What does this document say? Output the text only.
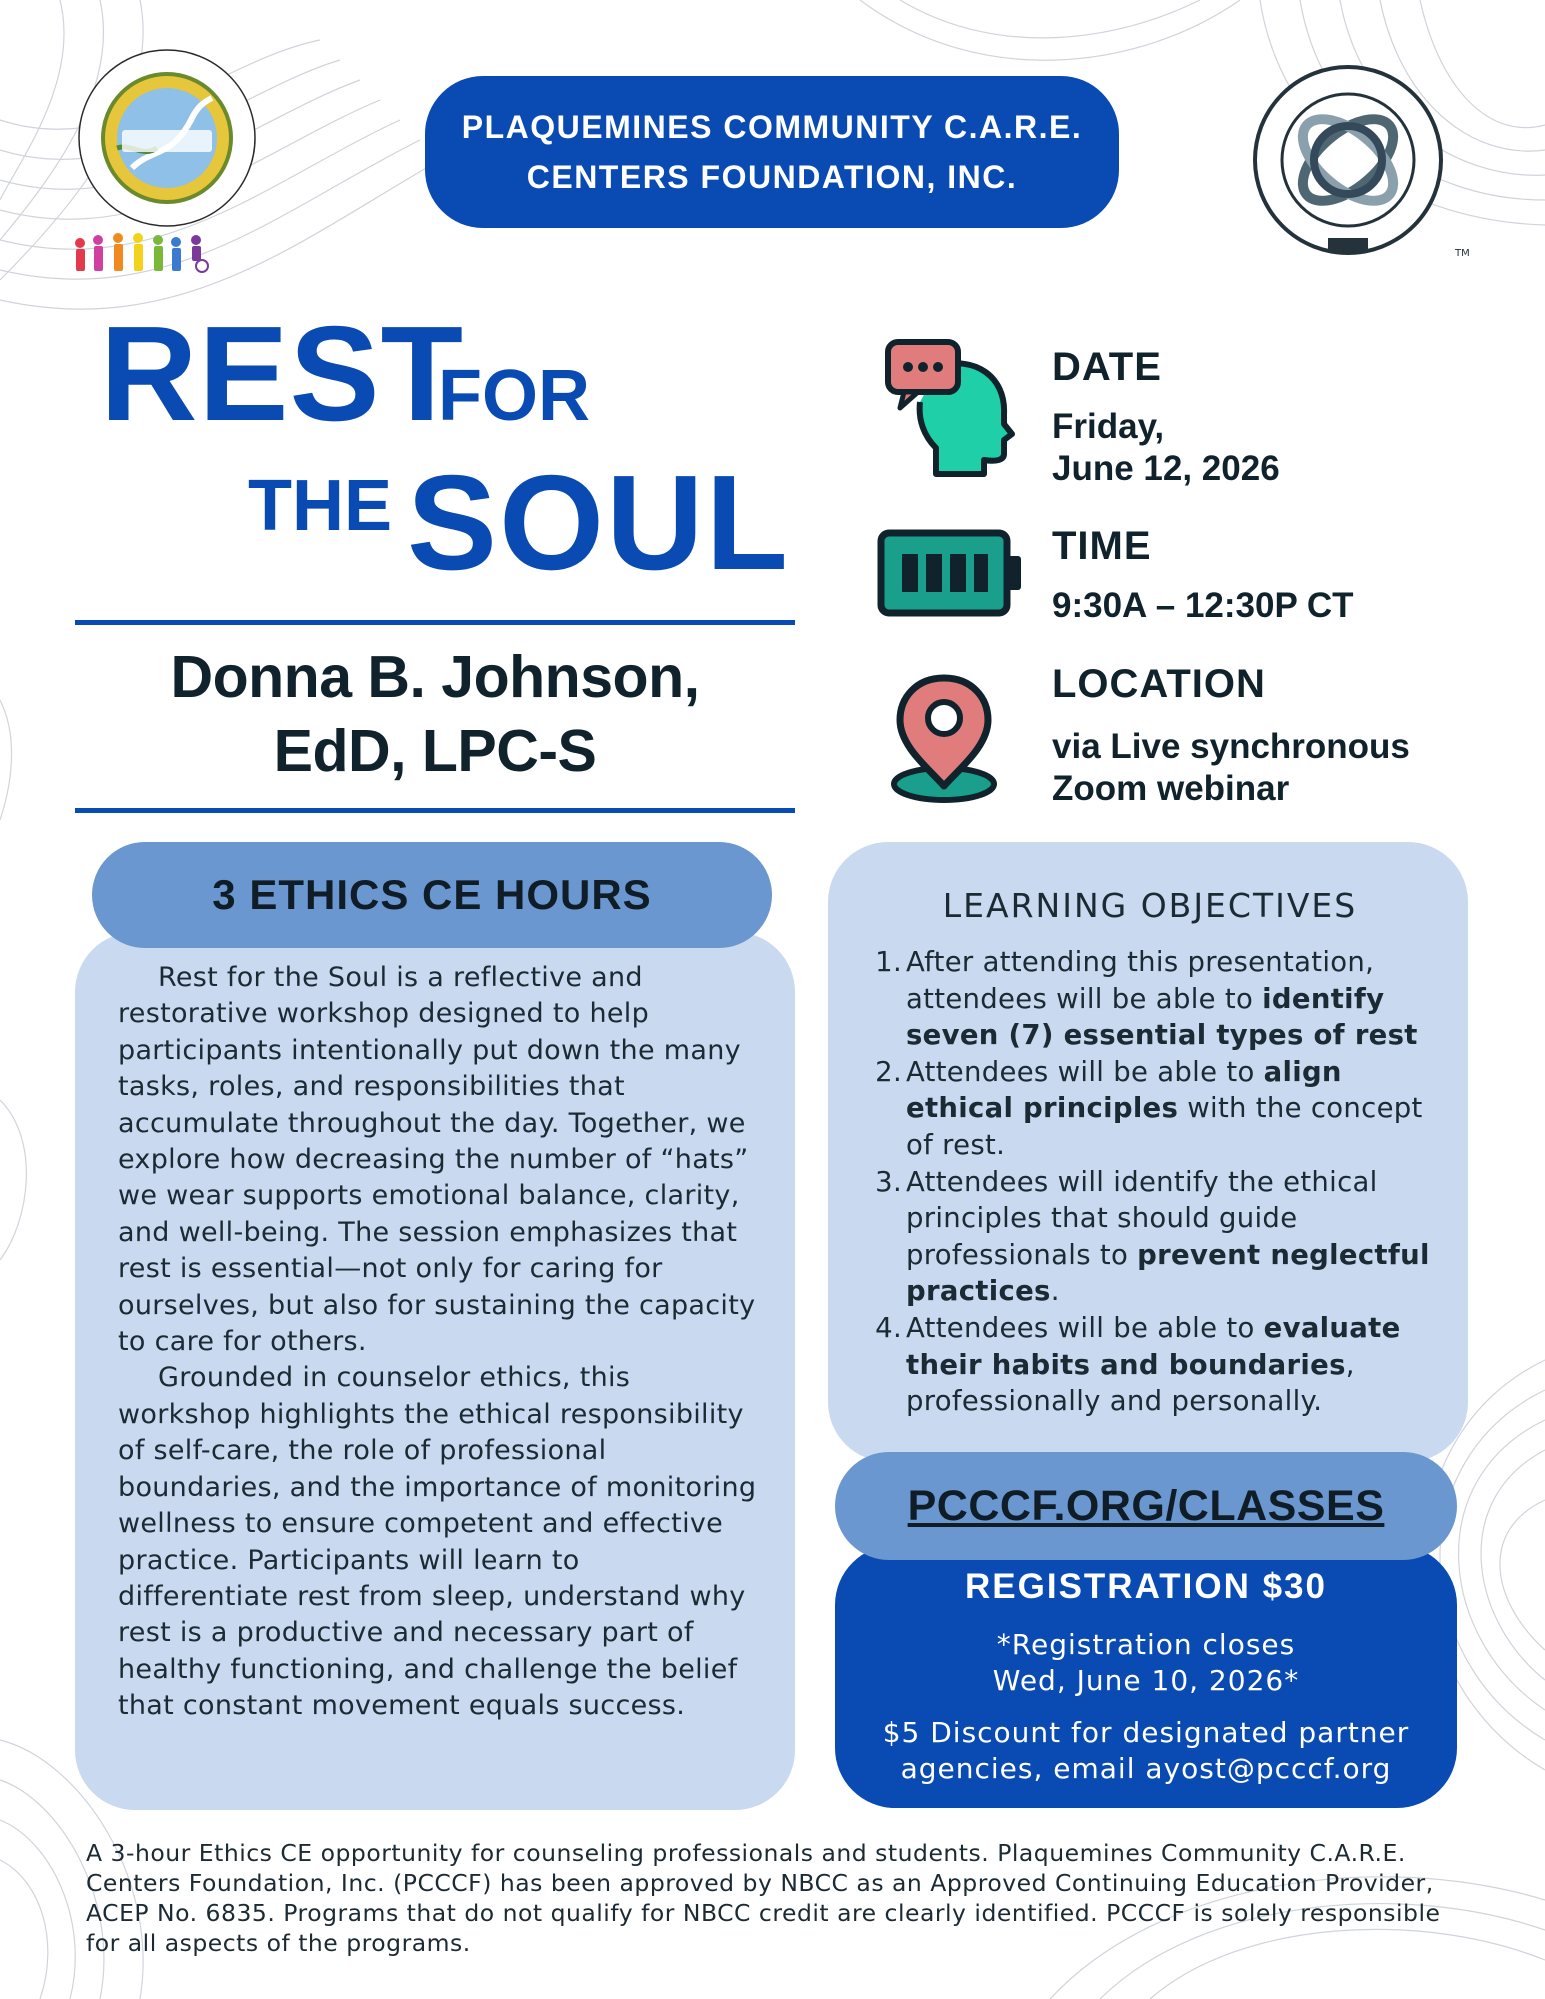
PLAQUEMINES COMMUNITY C.A.R.E.
CENTERS FOUNDATION, INC.
TM
REST
FOR
THE SOUL
Donna B. Johnson,
EdD, LPC-S
DATE
Friday,
June 12, 2026
TIME
9:30A – 12:30P CT
LOCATION
via Live synchronous
Zoom webinar
3 ETHICS CE HOURS

Rest for the Soul is a reflective and restorative workshop designed to help participants intentionally put down the many tasks, roles, and responsibilities that accumulate throughout the day. Together, we explore how decreasing the number of “hats” we wear supports emotional balance, clarity, and well-being. The session emphasizes that rest is essential—not only for caring for ourselves, but also for sustaining the capacity to care for others.

Grounded in counselor ethics, this workshop highlights the ethical responsibility of self-care, the role of professional boundaries, and the importance of monitoring wellness to ensure competent and effective practice. Participants will learn to differentiate rest from sleep, understand why rest is a productive and necessary part of healthy functioning, and challenge the belief that constant movement equals success.

LEARNING OBJECTIVES
1. After attending this presentation, attendees will be able to identify seven (7) essential types of rest
2. Attendees will be able to align ethical principles with the concept of rest.
3. Attendees will identify the ethical principles that should guide professionals to prevent neglectful practices.
4. Attendees will be able to evaluate their habits and boundaries, professionally and personally.
REGISTRATION $30
*Registration closes
Wed, June 10, 2026*
$5 Discount for designated partner
agencies, email ayost@pcccf.org
PCCCF.ORG/CLASSES
A 3-hour Ethics CE opportunity for counseling professionals and students. Plaquemines Community C.A.R.E. Centers Foundation, Inc. (PCCCF) has been approved by NBCC as an Approved Continuing Education Provider, ACEP No. 6835. Programs that do not qualify for NBCC credit are clearly identified. PCCCF is solely responsible for all aspects of the programs.
